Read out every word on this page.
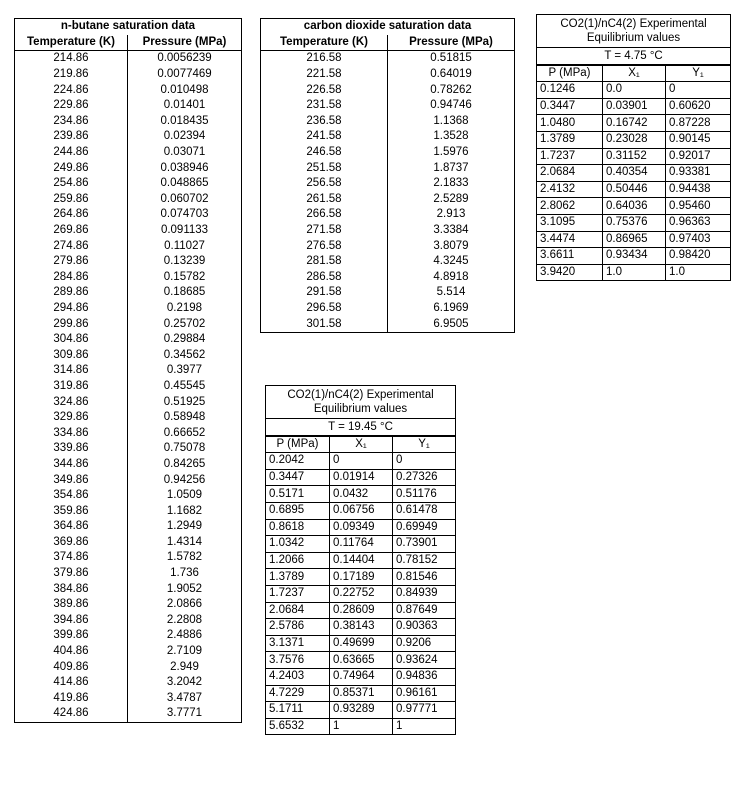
n-butane saturation data	
Temperature (K)	Pressure (MPa)
214.86	0.0056239
219.86	0.0077469
224.86	0.010498
229.86	0.01401
234.86	0.018435
239.86	0.02394
244.86	0.03071
249.86	0.038946
254.86	0.048865
259.86	0.060702
264.86	0.074703
269.86	0.091133
274.86	0.11027
279.86	0.13239
284.86	0.15782
289.86	0.18685
294.86	0.2198
299.86	0.25702
304.86	0.29884
309.86	0.34562
314.86	0.3977
319.86	0.45545
324.86	0.51925
329.86	0.58948
334.86	0.66652
339.86	0.75078
344.86	0.84265
349.86	0.94256
354.86	1.0509
359.86	1.1682
364.86	1.2949
369.86	1.4314
374.86	1.5782
379.86	1.736
384.86	1.9052
389.86	2.0866
394.86	2.2808
399.86	2.4886
404.86	2.7109
409.86	2.949
414.86	3.2042
419.86	3.4787
424.86	3.7771
carbon dioxide saturation data	
Temperature (K)	Pressure (MPa)
216.58	0.51815
221.58	0.64019
226.58	0.78262
231.58	0.94746
236.58	1.1368
241.58	1.3528
246.58	1.5976
251.58	1.8737
256.58	2.1833
261.58	2.5289
266.58	2.913
271.58	3.3384
276.58	3.8079
281.58	4.3245
286.58	4.8918
291.58	5.514
296.58	6.1969
301.58	6.9505
CO2(1)/nC4(2) Experimental Equilibrium values		
T = 4.75 °C		
P (MPa)	X₁	Y₁
0.1246	0.0	0
0.3447	0.03901	0.60620
1.0480	0.16742	0.87228
1.3789	0.23028	0.90145
1.7237	0.31152	0.92017
2.0684	0.40354	0.93381
2.4132	0.50446	0.94438
2.8062	0.64036	0.95460
3.1095	0.75376	0.96363
3.4474	0.86965	0.97403
3.6611	0.93434	0.98420
3.9420	1.0	1.0
CO2(1)/nC4(2) Experimental Equilibrium values		
T = 19.45 °C		
P (MPa)	X₁	Y₁
0.2042	0	0
0.3447	0.01914	0.27326
0.5171	0.0432	0.51176
0.6895	0.06756	0.61478
0.8618	0.09349	0.69949
1.0342	0.11764	0.73901
1.2066	0.14404	0.78152
1.3789	0.17189	0.81546
1.7237	0.22752	0.84939
2.0684	0.28609	0.87649
2.5786	0.38143	0.90363
3.1371	0.49699	0.9206
3.7576	0.63665	0.93624
4.2403	0.74964	0.94836
4.7229	0.85371	0.96161
5.1711	0.93289	0.97771
5.6532	1	1
